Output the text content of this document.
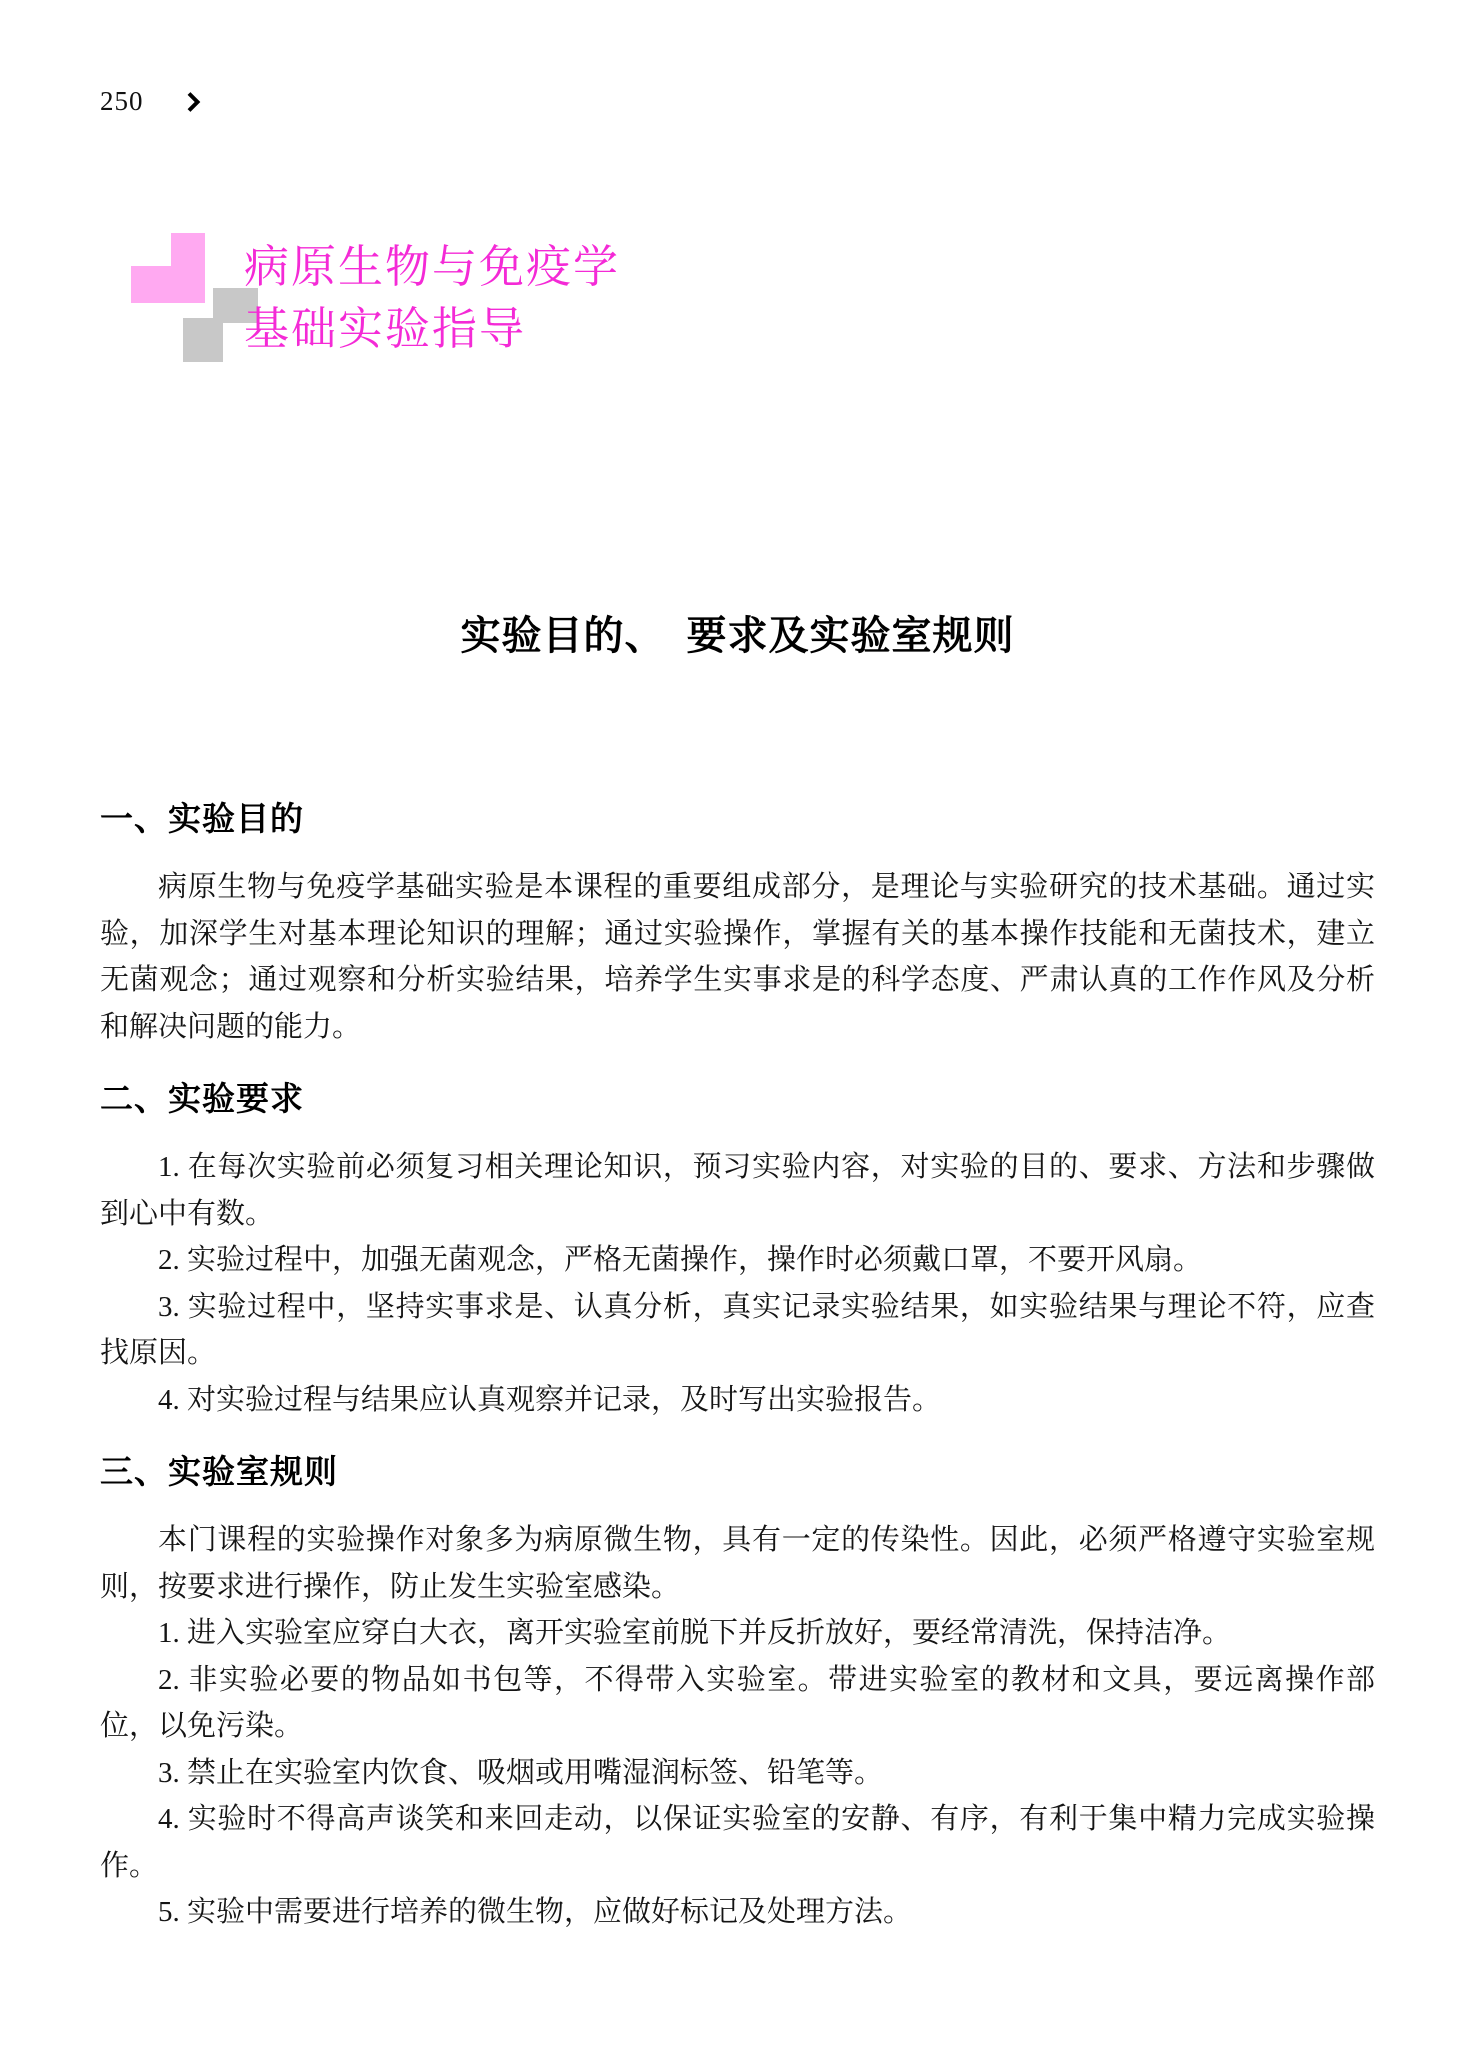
250
病原生物与免疫学
基础实验指导
实验目的、　要求及实验室规则
一、实验目的

病原生物与免疫学基础实验是本课程的重要组成部分，是理论与实验研究的技术基础。通过实验，加深学生对基本理论知识的理解；通过实验操作，掌握有关的基本操作技能和无菌技术，建立无菌观念；通过观察和分析实验结果，培养学生实事求是的科学态度、严肃认真的工作作风及分析和解决问题的能力。

二、实验要求

1. 在每次实验前必须复习相关理论知识，预习实验内容，对实验的目的、要求、方法和步骤做到心中有数。

2. 实验过程中，加强无菌观念，严格无菌操作，操作时必须戴口罩，不要开风扇。

3. 实验过程中，坚持实事求是、认真分析，真实记录实验结果，如实验结果与理论不符，应查找原因。

4. 对实验过程与结果应认真观察并记录，及时写出实验报告。

三、实验室规则

本门课程的实验操作对象多为病原微生物，具有一定的传染性。因此，必须严格遵守实验室规则，按要求进行操作，防止发生实验室感染。

1. 进入实验室应穿白大衣，离开实验室前脱下并反折放好，要经常清洗，保持洁净。

2. 非实验必要的物品如书包等，不得带入实验室。带进实验室的教材和文具，要远离操作部位，以免污染。

3. 禁止在实验室内饮食、吸烟或用嘴湿润标签、铅笔等。

4. 实验时不得高声谈笑和来回走动，以保证实验室的安静、有序，有利于集中精力完成实验操作。

5. 实验中需要进行培养的微生物，应做好标记及处理方法。
